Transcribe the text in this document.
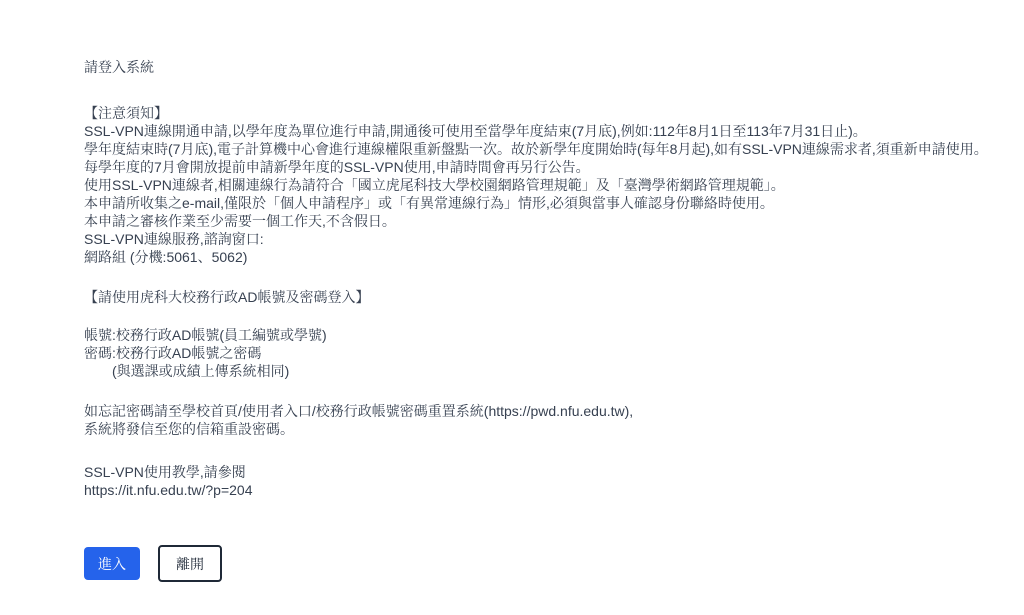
請登入系統
【注意須知】
SSL-VPN連線開通申請,以學年度為單位進行申請,開通後可使用至當學年度結束(7月底),例如:112年8月1日至113年7月31日止)。
學年度結束時(7月底),電子計算機中心會進行連線權限重新盤點一次。故於新學年度開始時(每年8月起),如有SSL-VPN連線需求者,須重新申請使用。
每學年度的7月會開放提前申請新學年度的SSL-VPN使用,申請時間會再另行公告。
使用SSL-VPN連線者,相關連線行為請符合「國立虎尾科技大學校園網路管理規範」及「臺灣學術網路管理規範」。
本申請所收集之e-mail,僅限於「個人申請程序」或「有異常連線行為」情形,必須與當事人確認身份聯絡時使用。
本申請之審核作業至少需要一個工作天,不含假日。
SSL-VPN連線服務,諮詢窗口:
網路組 (分機:5061、5062)
【請使用虎科大校務行政AD帳號及密碼登入】
帳號:校務行政AD帳號(員工編號或學號)
密碼:校務行政AD帳號之密碼
(與選課或成績上傳系統相同)
如忘記密碼請至學校首頁/使用者入口/校務行政帳號密碼重置系統(https://pwd.nfu.edu.tw),
系統將發信至您的信箱重設密碼。
SSL-VPN使用教學,請參閱
https://it.nfu.edu.tw/?p=204
進入	離開
